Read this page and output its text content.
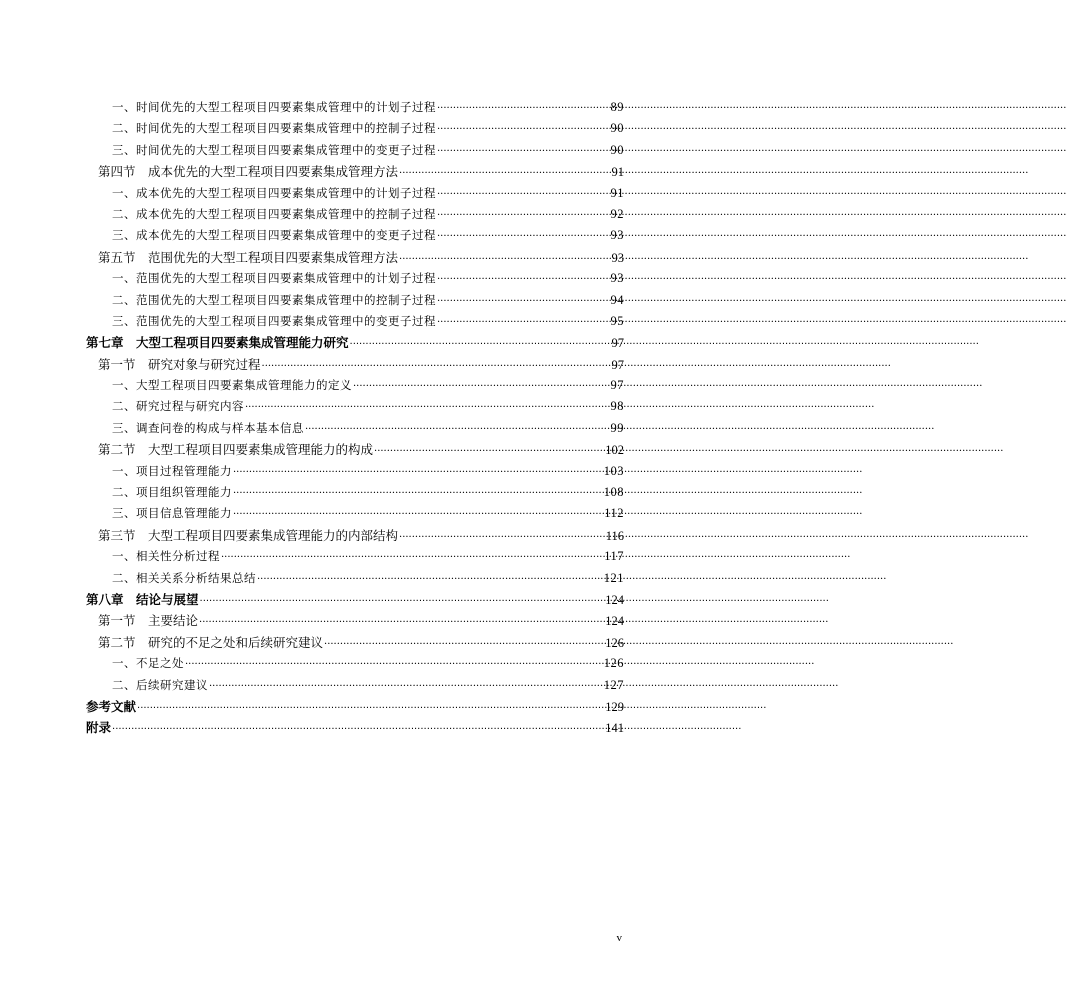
一、时间优先的大型工程项目四要素集成管理中的计划子过程 ·····	89
二、时间优先的大型工程项目四要素集成管理中的控制子过程 ·····	90
三、时间优先的大型工程项目四要素集成管理中的变更子过程 ·····	90
第四节　成本优先的大型工程项目四要素集成管理方法 ·····	91
一、成本优先的大型工程项目四要素集成管理中的计划子过程 ·····	91
二、成本优先的大型工程项目四要素集成管理中的控制子过程 ·····	92
三、成本优先的大型工程项目四要素集成管理中的变更子过程 ·····	93
第五节　范围优先的大型工程项目四要素集成管理方法 ·····	93
一、范围优先的大型工程项目四要素集成管理中的计划子过程 ·····	93
二、范围优先的大型工程项目四要素集成管理中的控制子过程 ·····	94
三、范围优先的大型工程项目四要素集成管理中的变更子过程 ·····	95
第七章　大型工程项目四要素集成管理能力研究 ·····	97
第一节　研究对象与研究过程 ·····	97
一、大型工程项目四要素集成管理能力的定义 ·····	97
二、研究过程与研究内容 ·····	98
三、调查问卷的构成与样本基本信息 ·····	99
第二节　大型工程项目四要素集成管理能力的构成 ·····	102
一、项目过程管理能力 ·····	103
二、项目组织管理能力 ·····	108
三、项目信息管理能力 ·····	112
第三节　大型工程项目四要素集成管理能力的内部结构 ·····	116
一、相关性分析过程 ·····	117
二、相关关系分析结果总结 ·····	121
第八章　结论与展望 ·····	124
第一节　主要结论 ·····	124
第二节　研究的不足之处和后续研究建议 ·····	126
一、不足之处 ·····	126
二、后续研究建议 ·····	127
参考文献 ·····	129
附录 ·····	141
v
